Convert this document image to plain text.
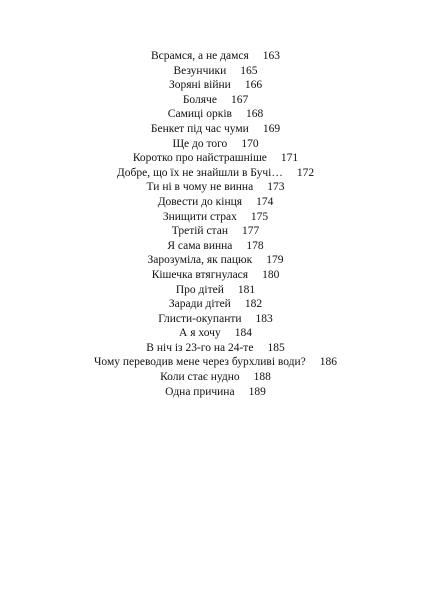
Всрамся, а не дамся 163
Везунчики 165
Зоряні війни 166
Боляче 167
Самиці орків 168
Бенкет під час чуми 169
Ще до того 170
Коротко про найстрашніше 171
Добре, що їх не знайшли в Бучі… 172
Ти ні в чому не винна 173
Довести до кінця 174
Знищити страх 175
Третій стан 177
Я сама винна 178
Зарозуміла, як пацюк 179
Кішечка втягнулася 180
Про дітей 181
Заради дітей 182
Глисти-окупанти 183
А я хочу 184
В ніч із 23-го на 24-те 185
Чому переводив мене через бурхливі води? 186
Коли стає нудно 188
Одна причина 189
